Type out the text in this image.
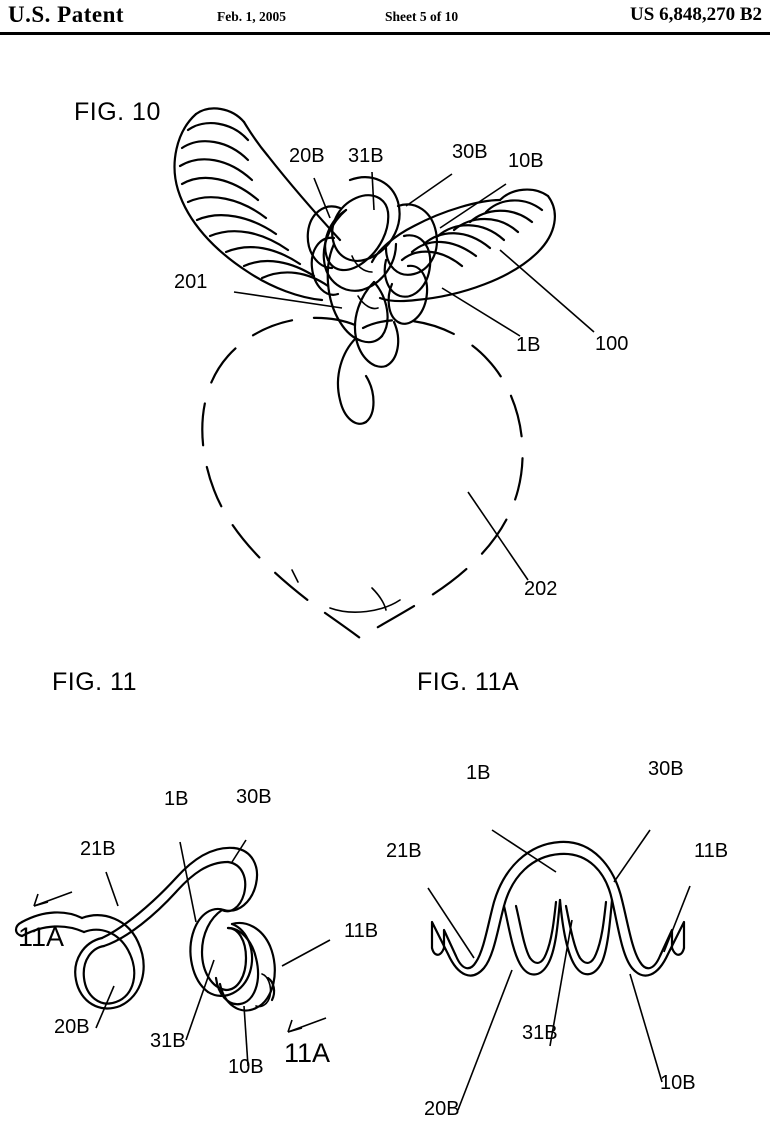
U.S. Patent	Feb. 1, 2005	Sheet 5 of 10	US 6,848,270 B2
FIG. 10
20B 31B	30B 10B
201
1B	100
202
FIG. 11
1B 30B
21B
11B
20B
31B
10B
11A
11A
FIG. 11A
1B	30B
21B	11B
31B
20B
10B
